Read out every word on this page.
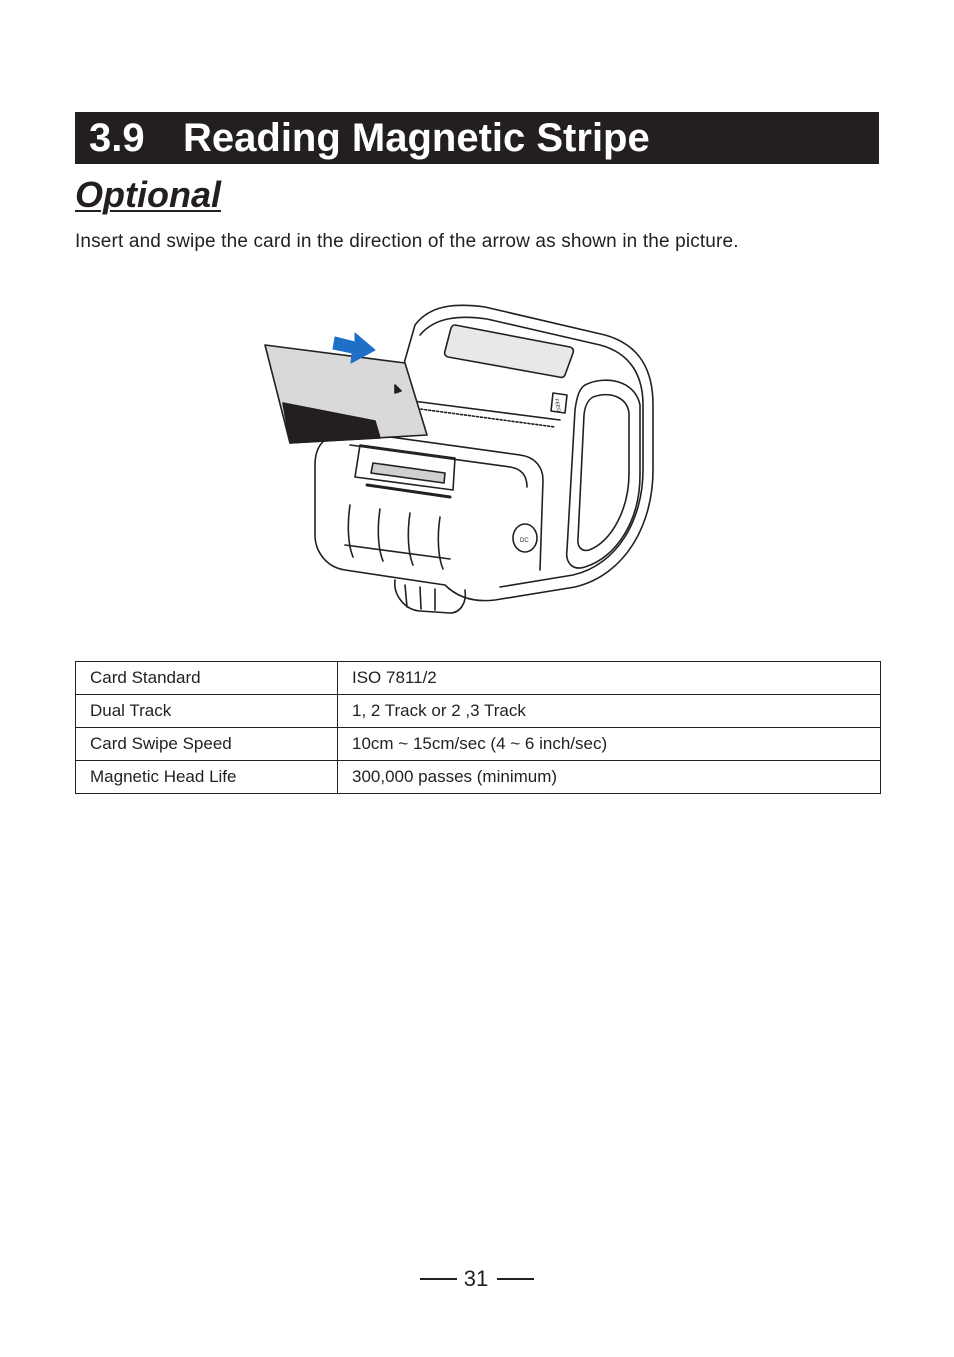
3.9 Reading Magnetic Stripe
Optional
Insert and swipe the card in the direction of the arrow as shown in the picture.
DC
FEED
Card Standard	ISO 7811/2
Dual Track	1, 2 Track or 2 ,3 Track
Card Swipe Speed	10cm ~ 15cm/sec (4 ~ 6 inch/sec)
Magnetic Head Life	300,000 passes (minimum)
31
